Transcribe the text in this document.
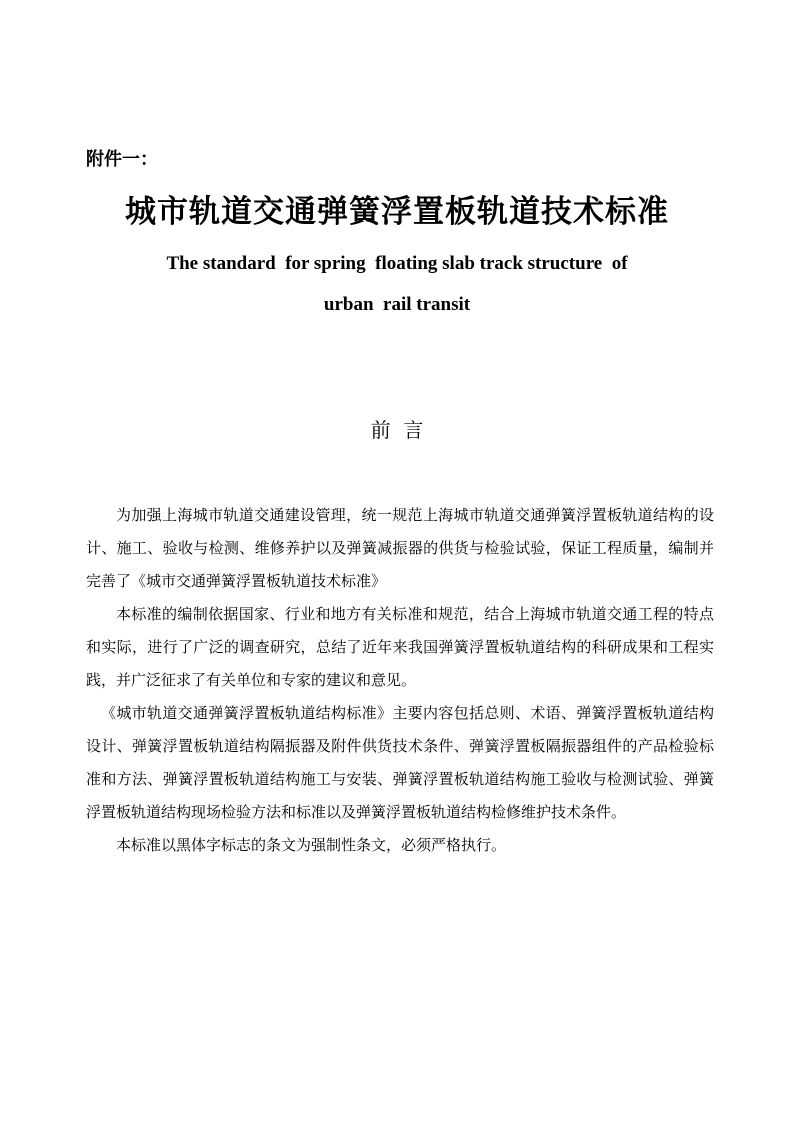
附件一：
城市轨道交通弹簧浮置板轨道技术标准
The standard  for spring  floating slab track structure  of
urban  rail transit
前  言

为加强上海城市轨道交通建设管理，统一规范上海城市轨道交通弹簧浮置板轨道结构的设计、施工、验收与检测、维修养护以及弹簧减振器的供货与检验试验，保证工程质量，编制并完善了《城市交通弹簧浮置板轨道技术标准》

本标准的编制依据国家、行业和地方有关标准和规范，结合上海城市轨道交通工程的特点和实际，进行了广泛的调查研究，总结了近年来我国弹簧浮置板轨道结构的科研成果和工程实践，并广泛征求了有关单位和专家的建议和意见。

《城市轨道交通弹簧浮置板轨道结构标准》主要内容包括总则、术语、弹簧浮置板轨道结构设计、弹簧浮置板轨道结构隔振器及附件供货技术条件、弹簧浮置板隔振器组件的产品检验标准和方法、弹簧浮置板轨道结构施工与安装、弹簧浮置板轨道结构施工验收与检测试验、弹簧浮置板轨道结构现场检验方法和标准以及弹簧浮置板轨道结构检修维护技术条件。

本标准以黑体字标志的条文为强制性条文，必须严格执行。
